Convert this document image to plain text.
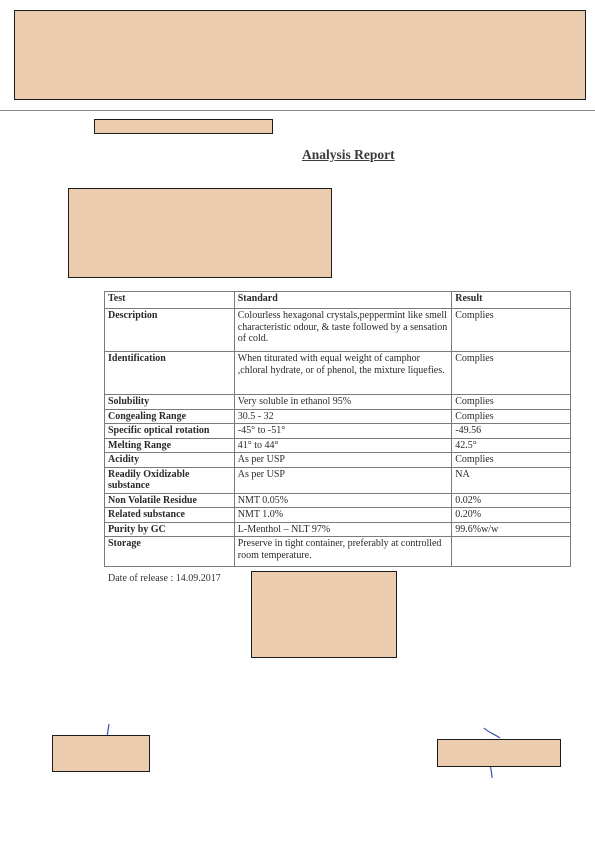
Analysis Report
Test	Standard	Result
Description	Colourless hexagonal crystals,peppermint like smell characteristic odour, & taste followed by a sensation of cold.	Complies
Identification	When titurated with equal weight of camphor ,chloral hydrate, or of phenol, the mixture liquefies.	Complies
Solubility	Very soluble in ethanol 95%	Complies
Congealing Range	30.5 - 32	Complies
Specific optical rotation	-45° to -51°	-49.56
Melting Range	41° to 44°	42.5°
Acidity	As per USP	Complies
Readily Oxidizable substance	As per USP	NA
Non Volatile Residue	NMT 0.05%	0.02%
Related substance	NMT 1.0%	0.20%
Purity by GC	L-Menthol – NLT 97%	99.6%w/w
Storage	Preserve in tight container, preferably at controlled room temperature.	
Date of release : 14.09.2017
